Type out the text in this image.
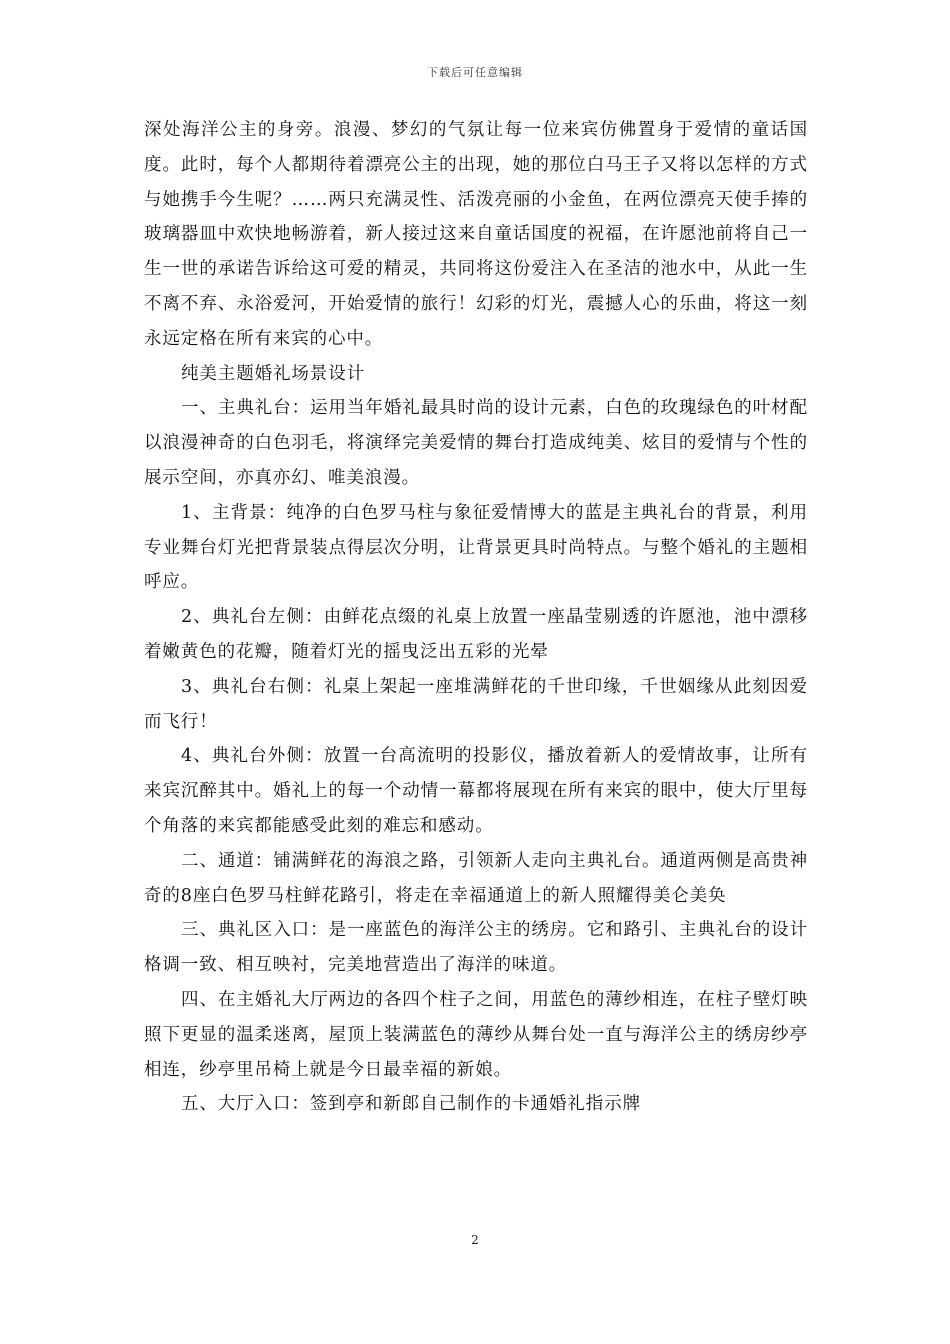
下载后可任意编辑

深处海洋公主的身旁。浪漫、梦幻的气氛让每一位来宾仿佛置身于爱情的童话国度。此时，每个人都期待着漂亮公主的出现，她的那位白马王子又将以怎样的方式与她携手今生呢？……两只充满灵性、活泼亮丽的小金鱼，在两位漂亮天使手捧的玻璃器皿中欢快地畅游着，新人接过这来自童话国度的祝福，在许愿池前将自己一生一世的承诺告诉给这可爱的精灵，共同将这份爱注入在圣洁的池水中，从此一生不离不弃、永浴爱河，开始爱情的旅行！幻彩的灯光，震撼人心的乐曲，将这一刻永远定格在所有来宾的心中。

纯美主题婚礼场景设计

一、主典礼台：运用当年婚礼最具时尚的设计元素，白色的玫瑰绿色的叶材配以浪漫神奇的白色羽毛，将演绎完美爱情的舞台打造成纯美、炫目的爱情与个性的展示空间，亦真亦幻、唯美浪漫。

1、主背景：纯净的白色罗马柱与象征爱情博大的蓝是主典礼台的背景，利用专业舞台灯光把背景装点得层次分明，让背景更具时尚特点。与整个婚礼的主题相呼应。

2、典礼台左侧：由鲜花点缀的礼桌上放置一座晶莹剔透的许愿池，池中漂移着嫩黄色的花瓣，随着灯光的摇曳泛出五彩的光晕

3、典礼台右侧：礼桌上架起一座堆满鲜花的千世印缘，千世姻缘从此刻因爱而飞行！

4、典礼台外侧：放置一台高流明的投影仪，播放着新人的爱情故事，让所有来宾沉醉其中。婚礼上的每一个动情一幕都将展现在所有来宾的眼中，使大厅里每个角落的来宾都能感受此刻的难忘和感动。

二、通道：铺满鲜花的海浪之路，引领新人走向主典礼台。通道两侧是高贵神奇的8座白色罗马柱鲜花路引，将走在幸福通道上的新人照耀得美仑美奂

三、典礼区入口：是一座蓝色的海洋公主的绣房。它和路引、主典礼台的设计格调一致、相互映衬，完美地营造出了海洋的味道。

四、在主婚礼大厅两边的各四个柱子之间，用蓝色的薄纱相连，在柱子壁灯映照下更显的温柔迷离，屋顶上装满蓝色的薄纱从舞台处一直与海洋公主的绣房纱亭相连，纱亭里吊椅上就是今日最幸福的新娘。

五、大厅入口：签到亭和新郎自己制作的卡通婚礼指示牌

2
